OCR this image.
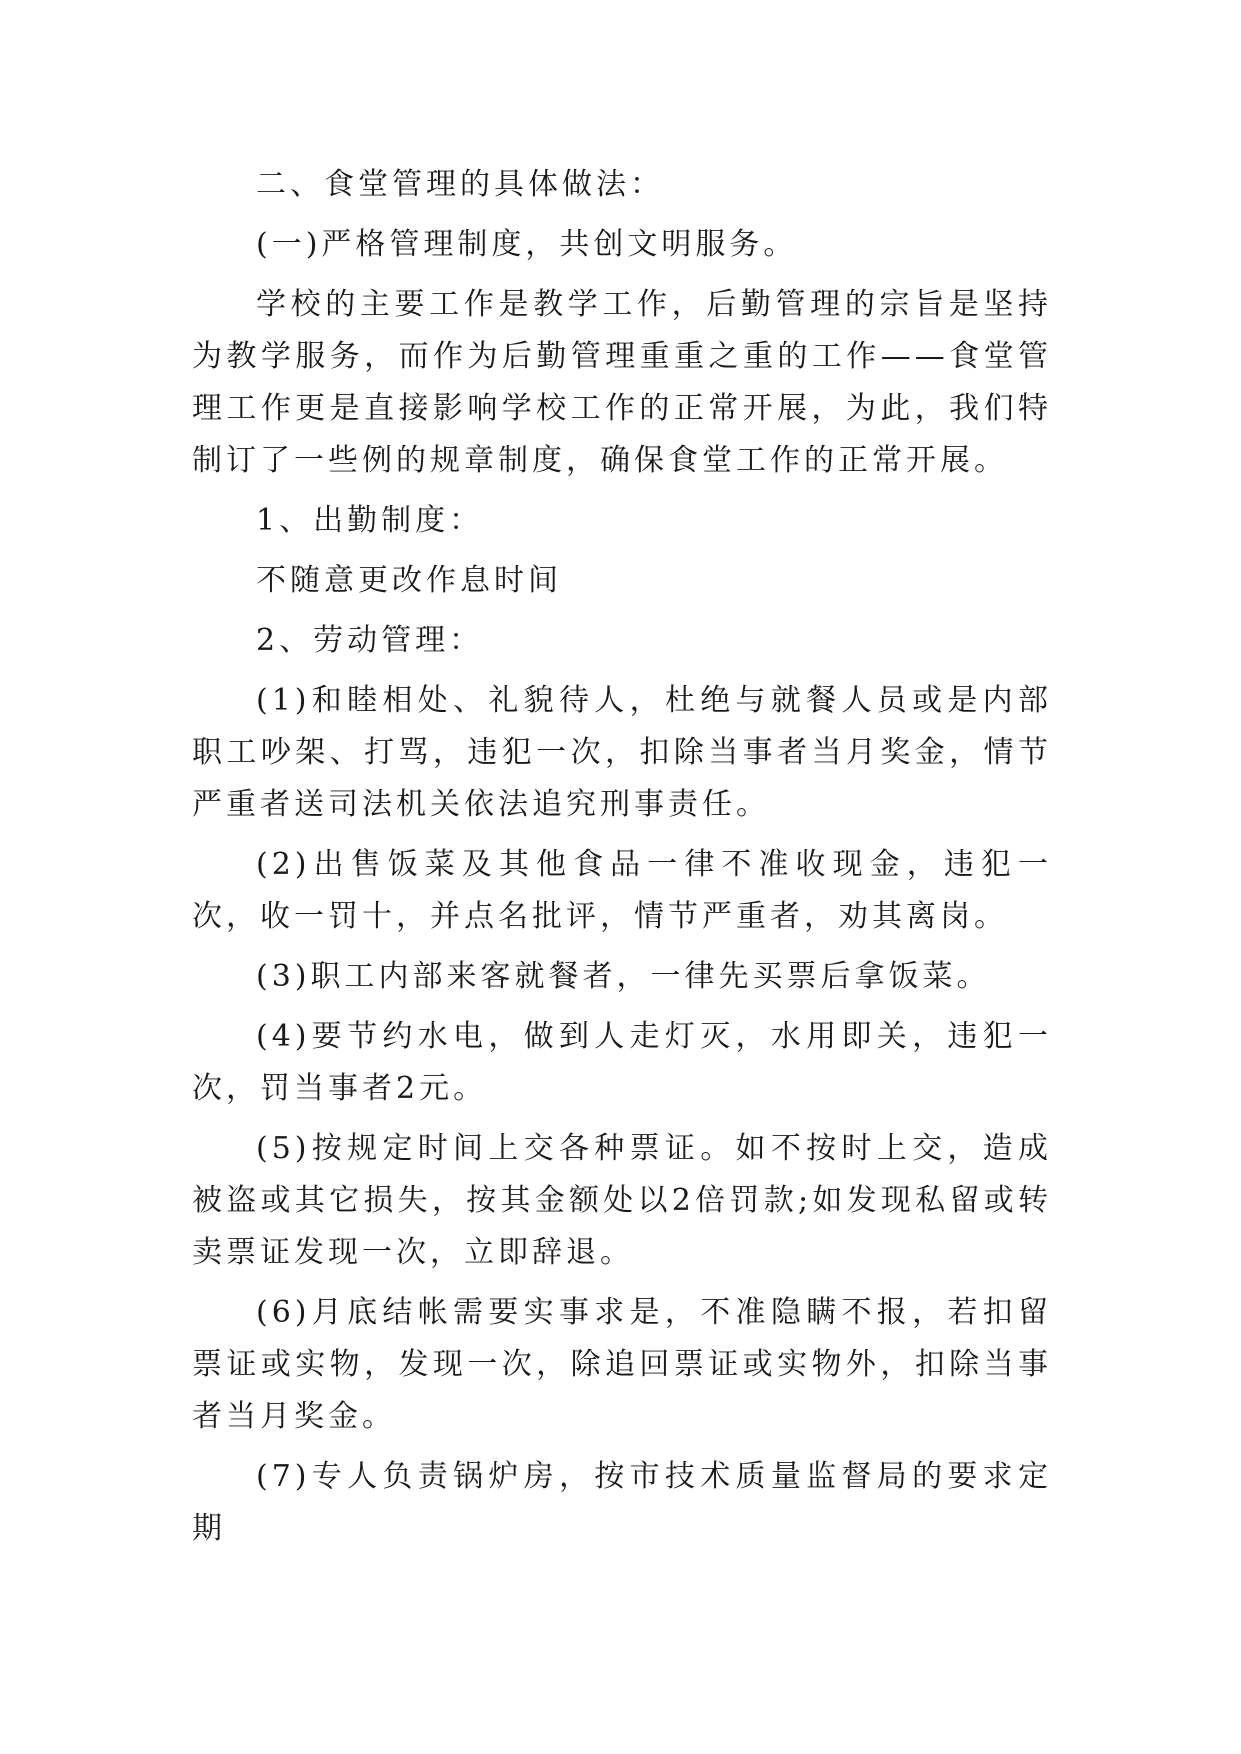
二、食堂管理的具体做法：

(一)严格管理制度，共创文明服务。

学校的主要工作是教学工作，后勤管理的宗旨是坚持为教学服务，而作为后勤管理重重之重的工作——食堂管理工作更是直接影响学校工作的正常开展，为此，我们特制订了一些例的规章制度，确保食堂工作的正常开展。

1、出勤制度：

不随意更改作息时间

2、劳动管理：

(1)和睦相处、礼貌待人，杜绝与就餐人员或是内部职工吵架、打骂，违犯一次，扣除当事者当月奖金，情节严重者送司法机关依法追究刑事责任。

(2)出售饭菜及其他食品一律不准收现金，违犯一次，收一罚十，并点名批评，情节严重者，劝其离岗。

(3)职工内部来客就餐者，一律先买票后拿饭菜。

(4)要节约水电，做到人走灯灭，水用即关，违犯一次，罚当事者2元。

(5)按规定时间上交各种票证。如不按时上交，造成被盗或其它损失，按其金额处以2倍罚款;如发现私留或转卖票证发现一次，立即辞退。

(6)月底结帐需要实事求是，不准隐瞒不报，若扣留票证或实物，发现一次，除追回票证或实物外，扣除当事者当月奖金。

(7)专人负责锅炉房，按市技术质量监督局的要求定期
